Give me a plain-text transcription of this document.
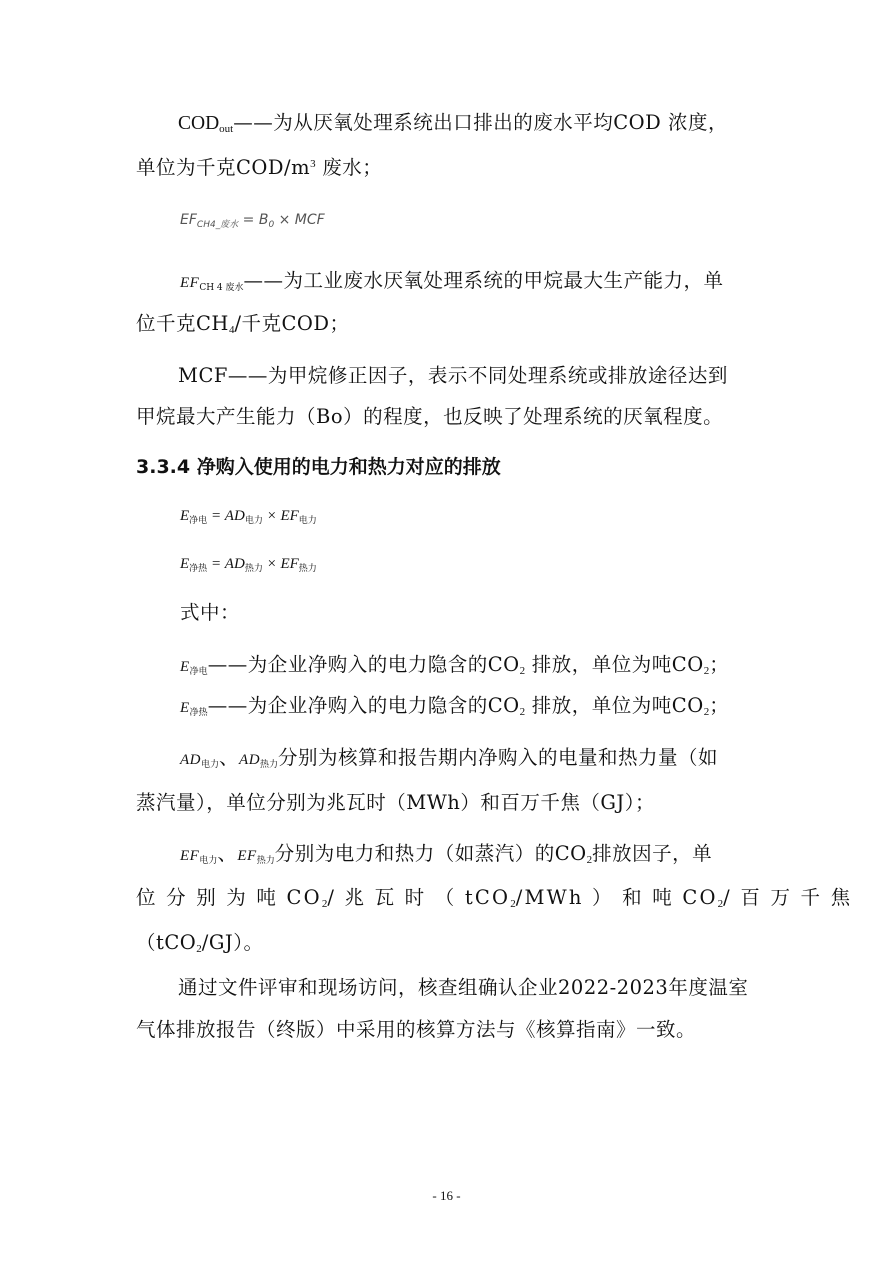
$COD_{out}——$为从厌氧处理系统出口排出的废水平均COD 浓度，
单位为千克COD/$m^3$ 废水；
$EF_{CH4\_废水} = B_0$ × MCF
$EF_{CH 4 废水}——$为工业废水厌氧处理系统的甲烷最大生产能力，单
位千克$CH_4/$千克COD；
MCF——为甲烷修正因子，表示不同处理系统或排放途径达到
甲烷最大产生能力（Bo）的程度，也反映了处理系统的厌氧程度。
3.3.4 净购入使用的电力和热力对应的排放
$E_{净电} = AD_{电力} \times EF_{电力}$
$E_{净热} = AD_{热力} \times EF_{热力}$
式中：
$E_{净电}——$为企业净购入的电力隐含的$CO_2$ 排放，单位为吨$CO_2$；
$E_{净热}——$为企业净购入的电力隐含的$CO_2$ 排放，单位为吨$CO_2$；
$AD_{电力}$、$AD_{热力}$分别为核算和报告期内净购入的电量和热力量（如
蒸汽量），单位分别为兆瓦时（MWh）和百万千焦（GJ）；
$EF_{电力}$、$EF_{热力}$分别为电力和热力（如蒸汽）的$CO_2$排放因子，单
位 分 别 为 吨 $CO_2/$ 兆 瓦 时 （ tCO$_2$/MWh ） 和 吨 $CO_2/$ 百 万 千 焦
（tCO$_2$/GJ）。
通过文件评审和现场访问，核查组确认企业2022-2023年度温室
气体排放报告（终版）中采用的核算方法与《核算指南》一致。
- 16 -
